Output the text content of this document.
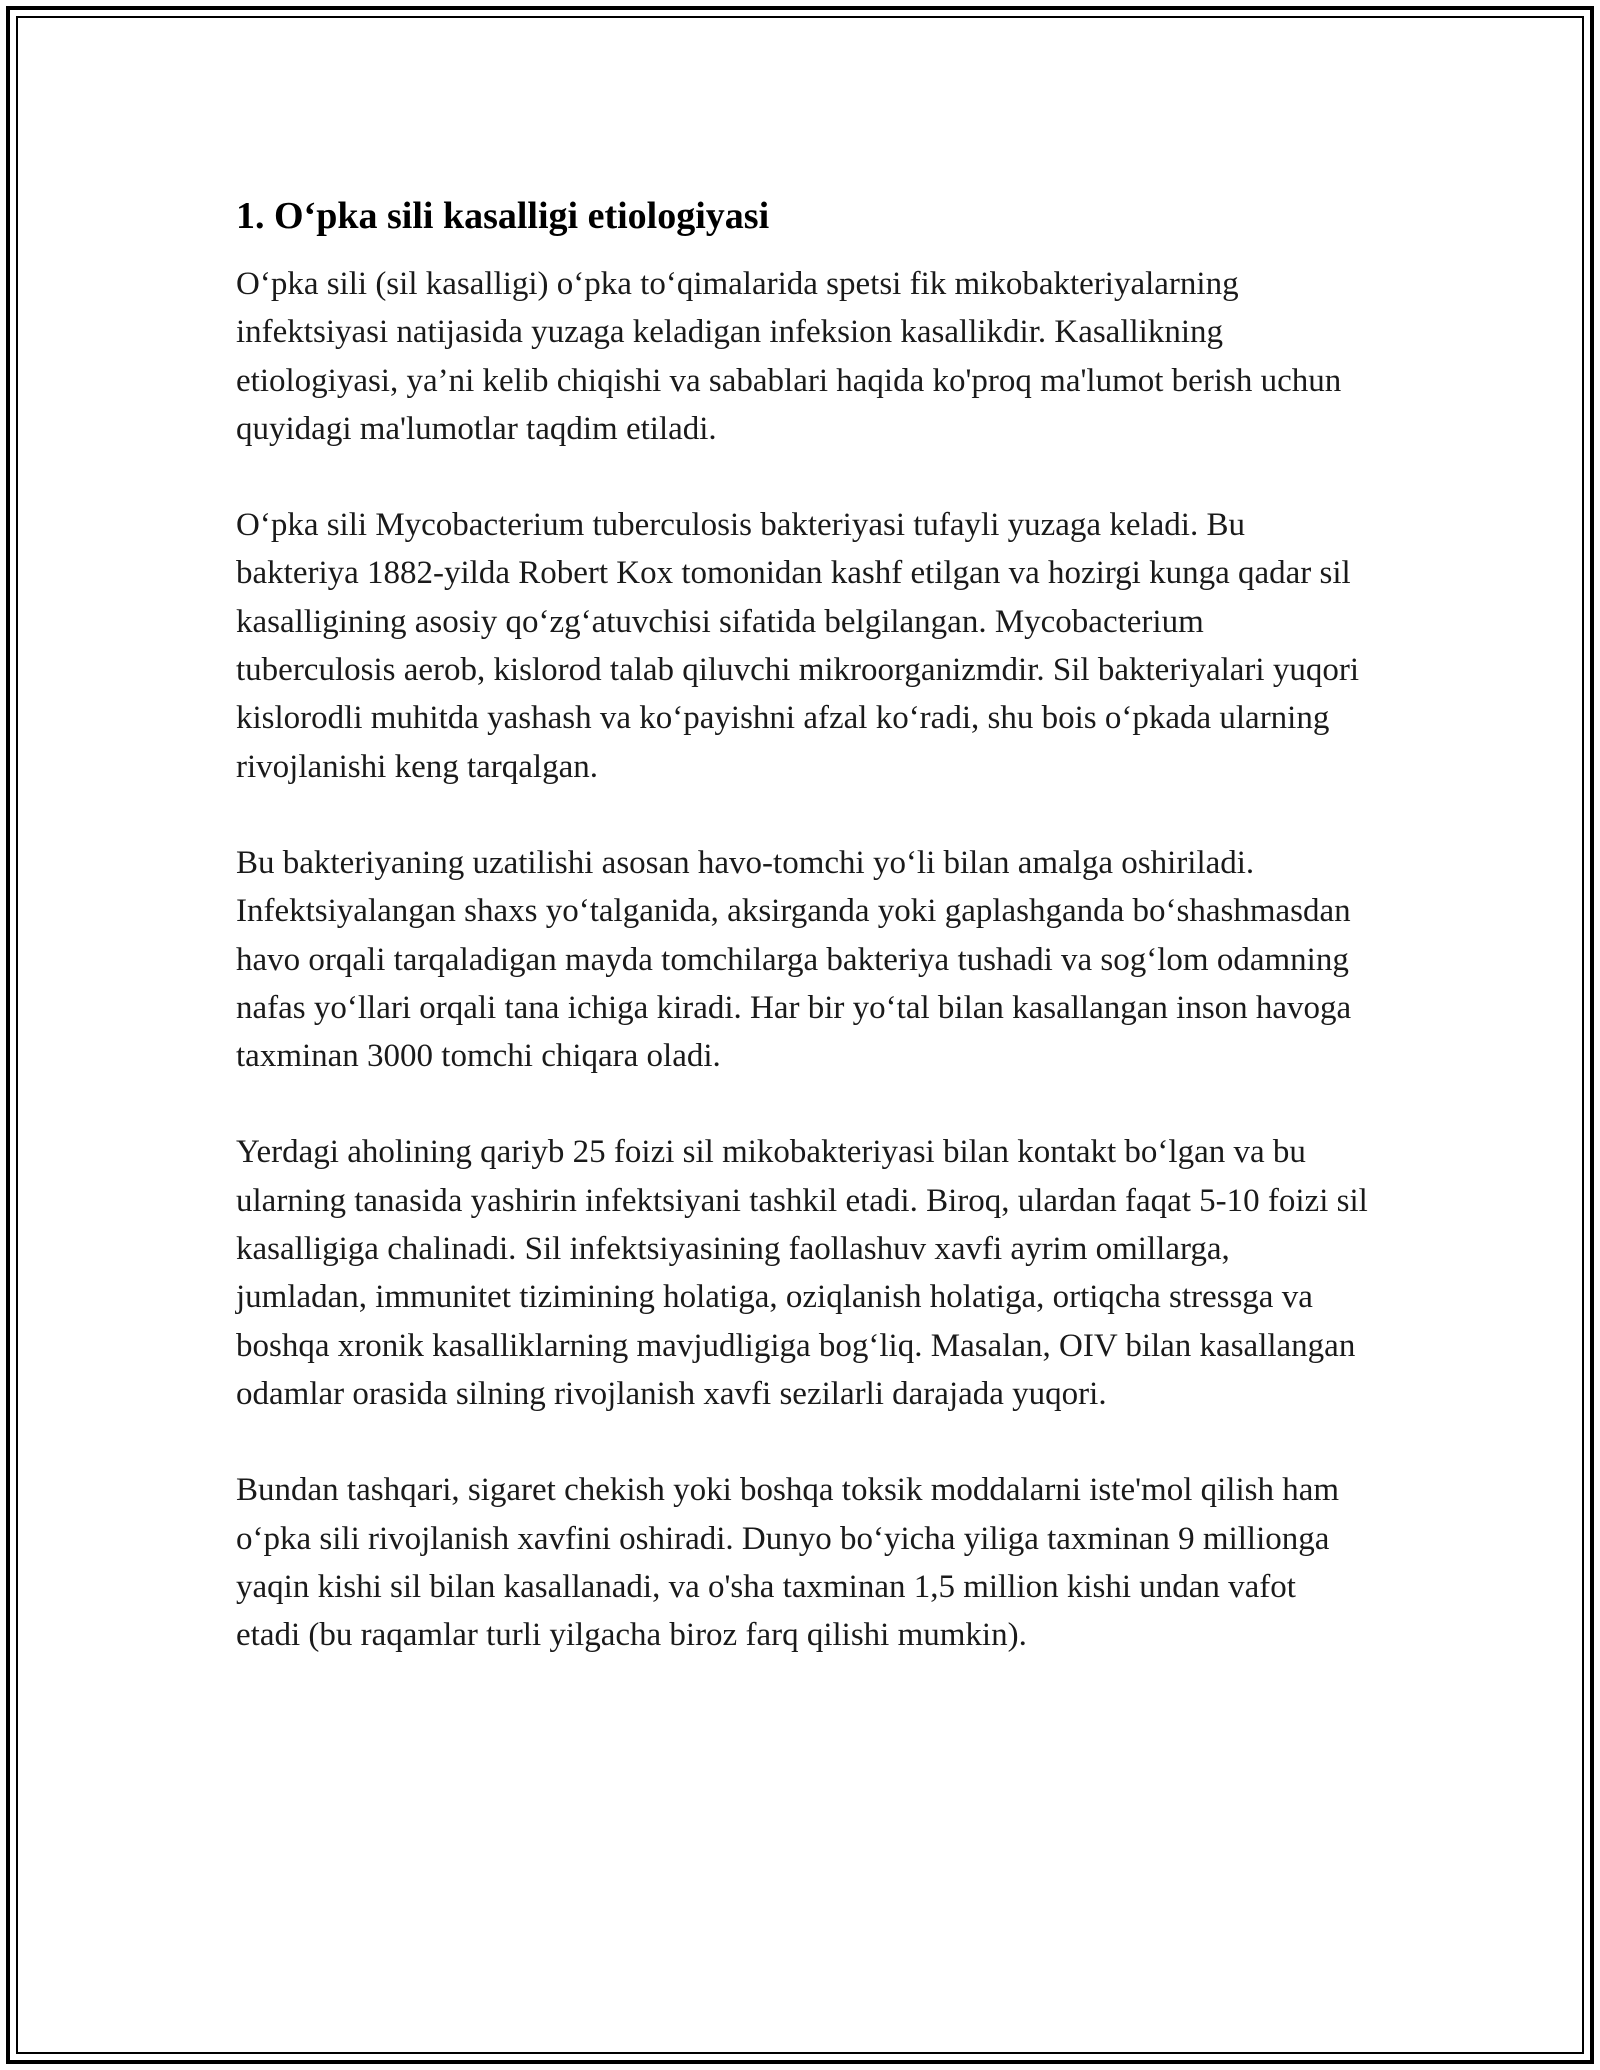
1. O‘pka sili kasalligi etiologiyasi

O‘pka sili (sil kasalligi) o‘pka to‘qimalarida spetsi fik mikobakteriyalarning infektsiyasi natijasida yuzaga keladigan infeksion kasallikdir. Kasallikning etiologiyasi, ya’ni kelib chiqishi va sabablari haqida ko'proq ma'lumot berish uchun quyidagi ma'lumotlar taqdim etiladi.

O‘pka sili Mycobacterium tuberculosis bakteriyasi tufayli yuzaga keladi. Bu bakteriya 1882-yilda Robert Kox tomonidan kashf etilgan va hozirgi kunga qadar sil kasalligining asosiy qo‘zg‘atuvchisi sifatida belgilangan. Mycobacterium tuberculosis aerob, kislorod talab qiluvchi mikroorganizmdir. Sil bakteriyalari yuqori kislorodli muhitda yashash va ko‘payishni afzal ko‘radi, shu bois o‘pkada ularning rivojlanishi keng tarqalgan.

Bu bakteriyaning uzatilishi asosan havo-tomchi yo‘li bilan amalga oshiriladi. Infektsiyalangan shaxs yo‘talganida, aksirganda yoki gaplashganda bo‘shashmasdan havo orqali tarqaladigan mayda tomchilarga bakteriya tushadi va sog‘lom odamning nafas yo‘llari orqali tana ichiga kiradi. Har bir yo‘tal bilan kasallangan inson havoga taxminan 3000 tomchi chiqara oladi.

Yerdagi aholining qariyb 25 foizi sil mikobakteriyasi bilan kontakt bo‘lgan va bu ularning tanasida yashirin infektsiyani tashkil etadi. Biroq, ulardan faqat 5-10 foizi sil kasalligiga chalinadi. Sil infektsiyasining faollashuv xavfi ayrim omillarga, jumladan, immunitet tizimining holatiga, oziqlanish holatiga, ortiqcha stressga va boshqa xronik kasalliklarning mavjudligiga bog‘liq. Masalan, OIV bilan kasallangan odamlar orasida silning rivojlanish xavfi sezilarli darajada yuqori.

Bundan tashqari, sigaret chekish yoki boshqa toksik moddalarni iste'mol qilish ham o‘pka sili rivojlanish xavfini oshiradi. Dunyo bo‘yicha yiliga taxminan 9 millionga yaqin kishi sil bilan kasallanadi, va o'sha taxminan 1,5 million kishi undan vafot etadi (bu raqamlar turli yilgacha biroz farq qilishi mumkin).
